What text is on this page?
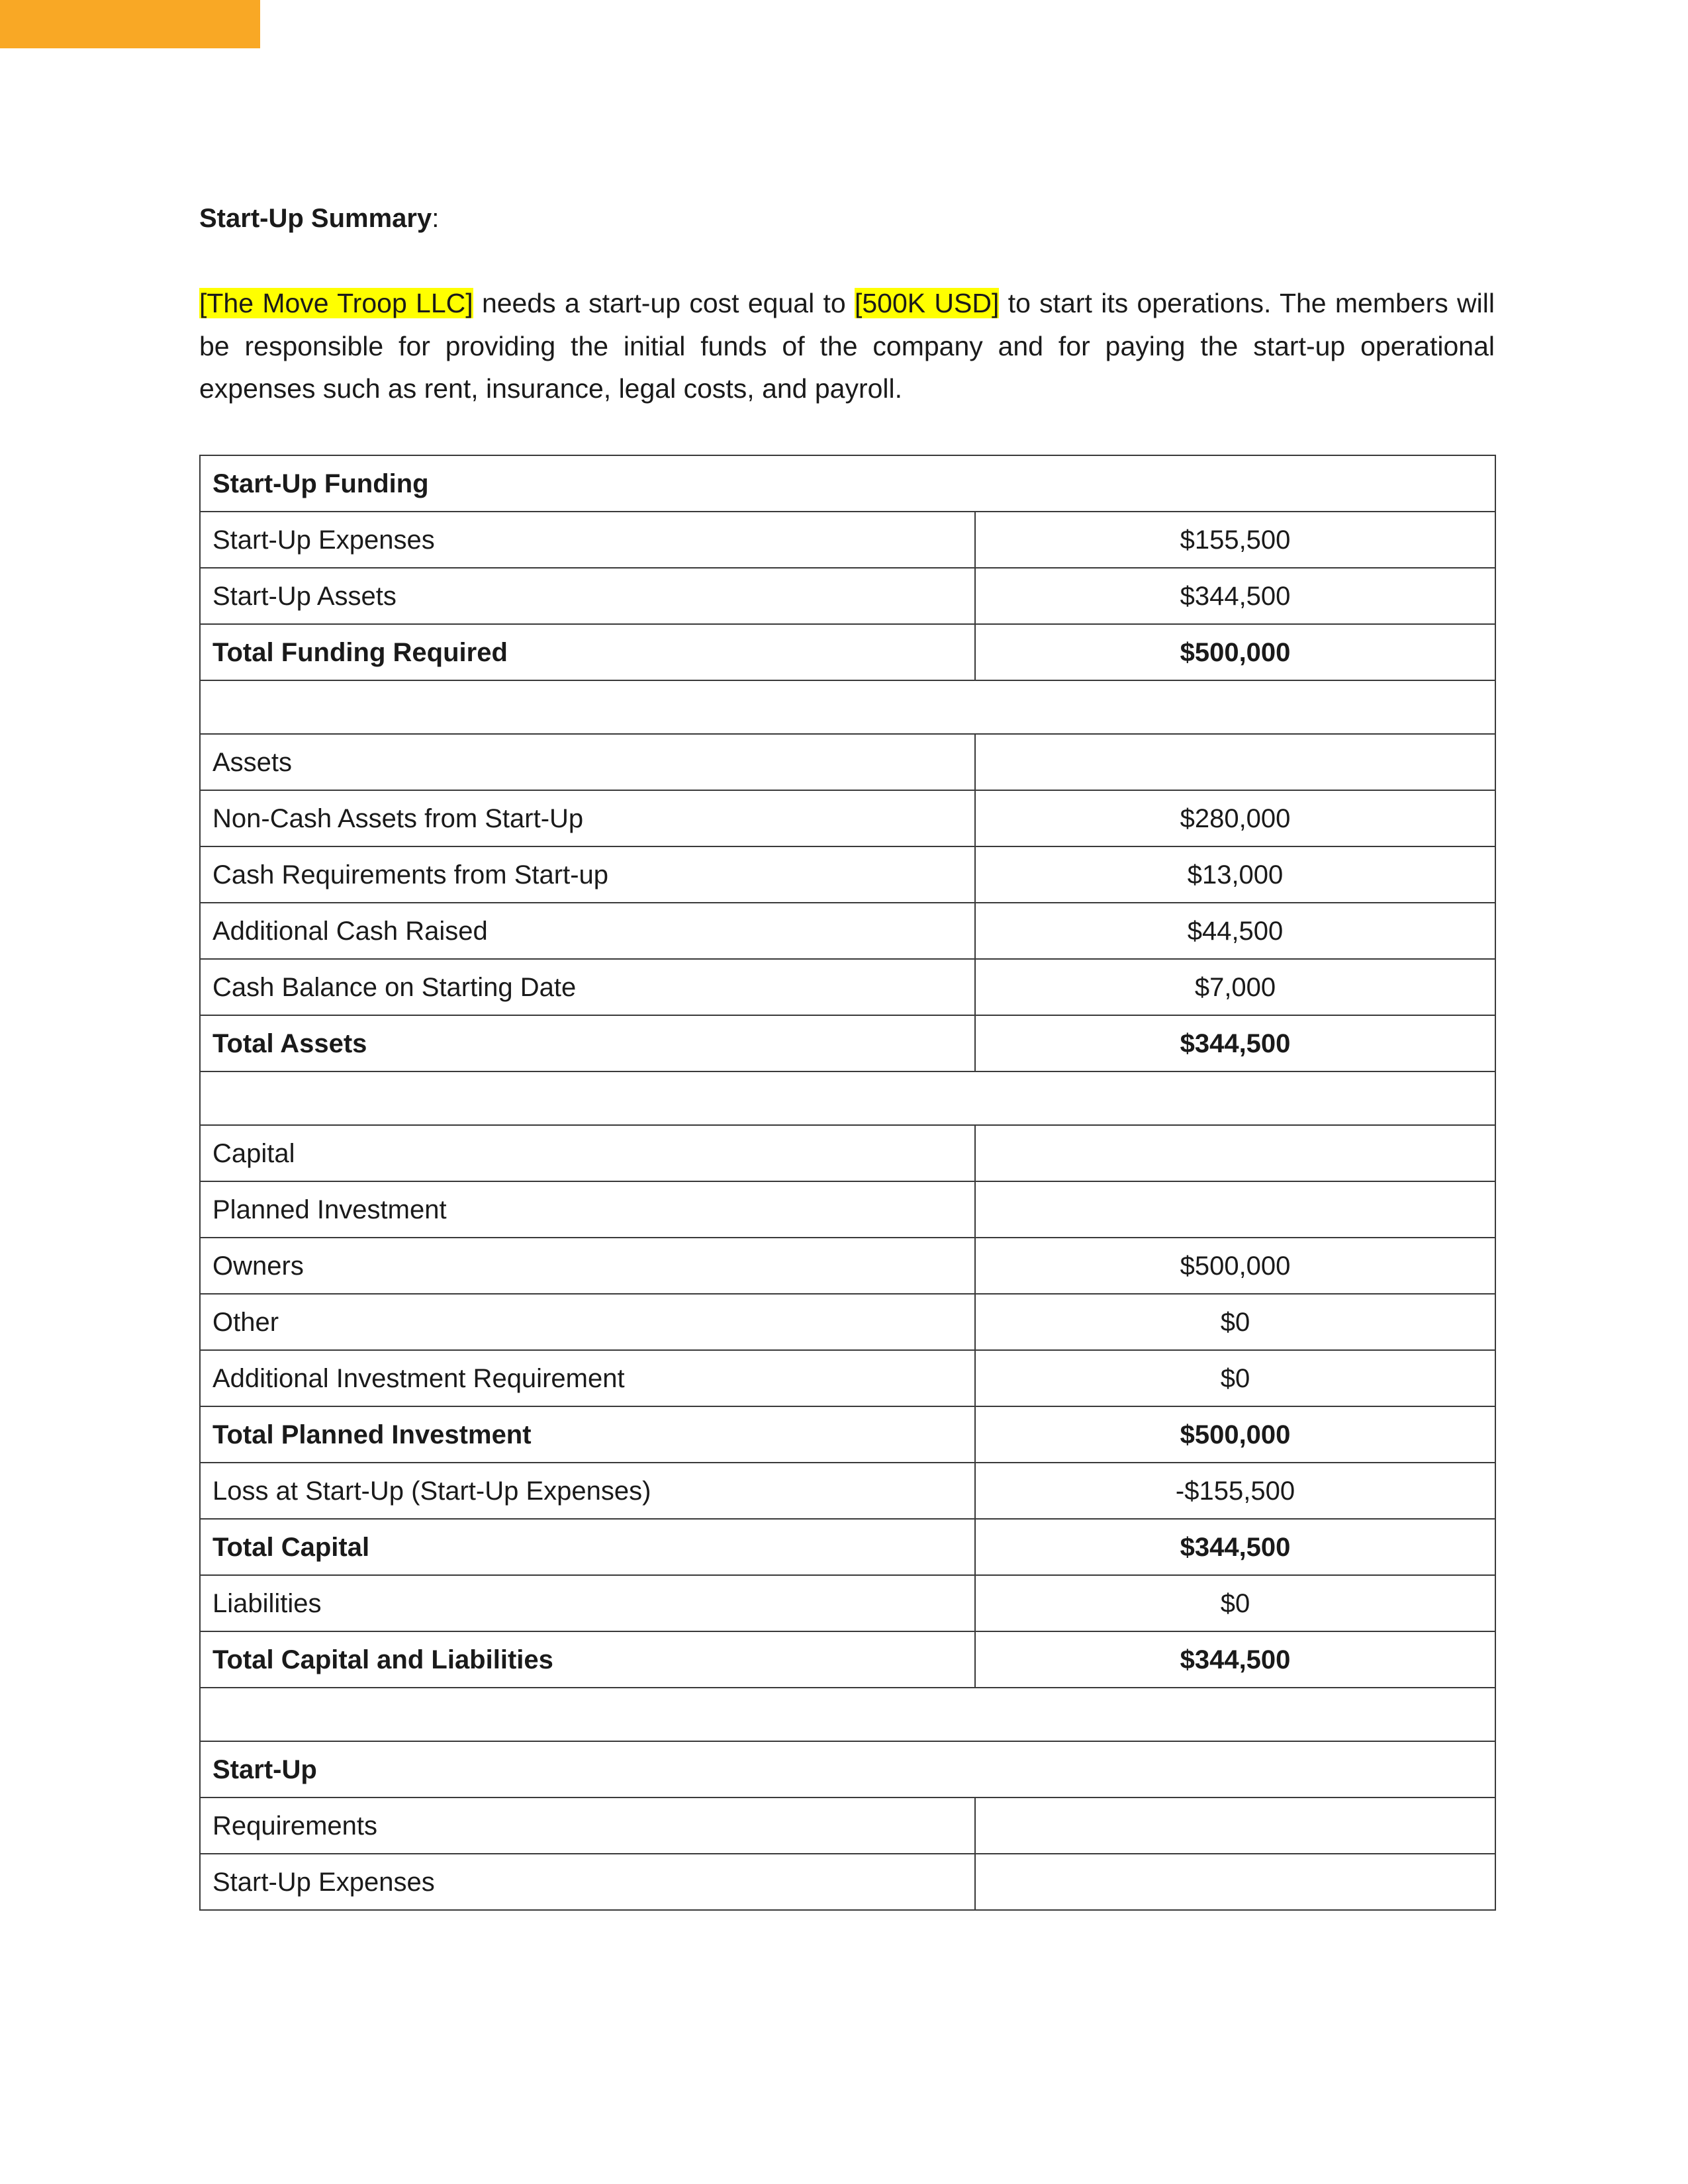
Start-Up Summary:

[The Move Troop LLC] needs a start-up cost equal to [500K USD] to start its operations. The members will be responsible for providing the initial funds of the company and for paying the start-up operational expenses such as rent, insurance, legal costs, and payroll.

Start-Up Funding	
Start-Up Expenses	$155,500
Start-Up Assets	$344,500
Total Funding Required	$500,000

Assets	
Non-Cash Assets from Start-Up	$280,000
Cash Requirements from Start-up	$13,000
Additional Cash Raised	$44,500
Cash Balance on Starting Date	$7,000
Total Assets	$344,500

Capital	
Planned Investment	
Owners	$500,000
Other	$0
Additional Investment Requirement	$0
Total Planned Investment	$500,000
Loss at Start-Up (Start-Up Expenses)	-$155,500
Total Capital	$344,500
Liabilities	$0
Total Capital and Liabilities	$344,500

Start-Up	
Requirements	
Start-Up Expenses	
